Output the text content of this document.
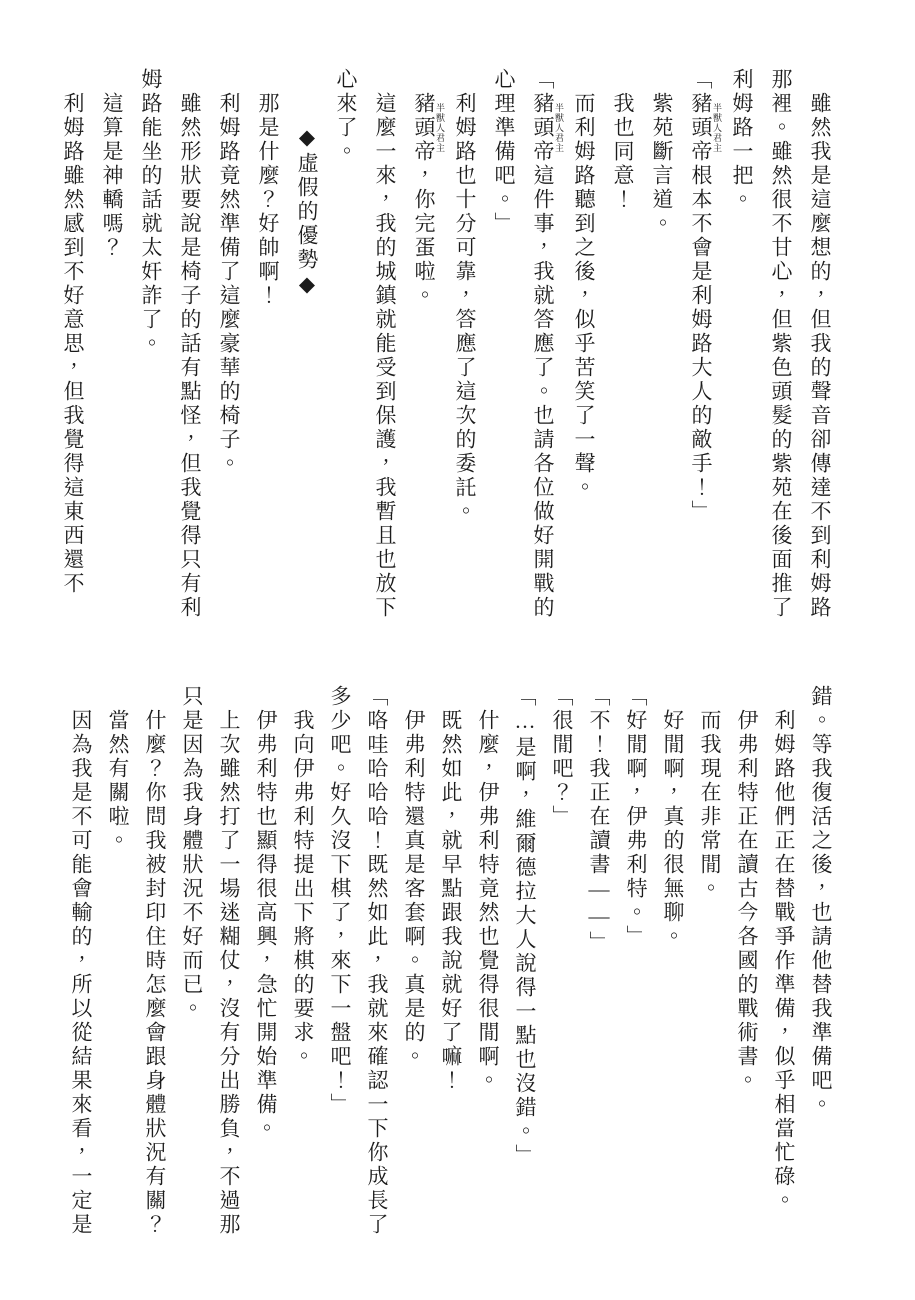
雖然我是這麼想的，但我的聲音卻傳達不到利姆路

那裡。雖然很不甘心，但紫色頭髮的紫苑在後面推了

利姆路一把。

「豬頭帝 半獸人君主根本不會是利姆路大人的敵手！」

紫苑斷言道。

我也同意！

而利姆路聽到之後，似乎苦笑了一聲。

「豬頭帝 半獸人君主這件事，我就答應了。也請各位做好開戰的

心理準備吧。」

利姆路也十分可靠，答應了這次的委託。

豬頭帝 半獸人君主，你完蛋啦。

這麼一來，我的城鎮就能受到保護，我暫且也放下

心來了。

◆虛假的優勢◆

那是什麼？好帥啊！

利姆路竟然準備了這麼豪華的椅子。

雖然形狀要說是椅子的話有點怪，但我覺得只有利

姆路能坐的話就太奸詐了。

這算是神轎嗎？

利姆路雖然感到不好意思，但我覺得這東西還不

錯。等我復活之後，也請他替我準備吧。

利姆路他們正在替戰爭作準備，似乎相當忙碌。

伊弗利特正在讀古今各國的戰術書。

而我現在非常閒。

好閒啊，真的很無聊。

「好閒啊，伊弗利特。」

「不！我正在讀書——」

「很閒吧？」

「…是啊，維爾德拉大人說得一點也沒錯。」

什麼，伊弗利特竟然也覺得很閒啊。

既然如此，就早點跟我說就好了嘛！

伊弗利特還真是客套啊。真是的。

「咯哇哈哈哈！既然如此，我就來確認一下你成長了

多少吧。好久沒下棋了，來下一盤吧！」

我向伊弗利特提出下將棋的要求。

伊弗利特也顯得很高興，急忙開始準備。

上次雖然打了一場迷糊仗，沒有分出勝負，不過那

只是因為我身體狀況不好而已。

什麼？你問我被封印住時怎麼會跟身體狀況有關？

當然有關啦。

因為我是不可能會輸的，所以從結果來看，一定是
